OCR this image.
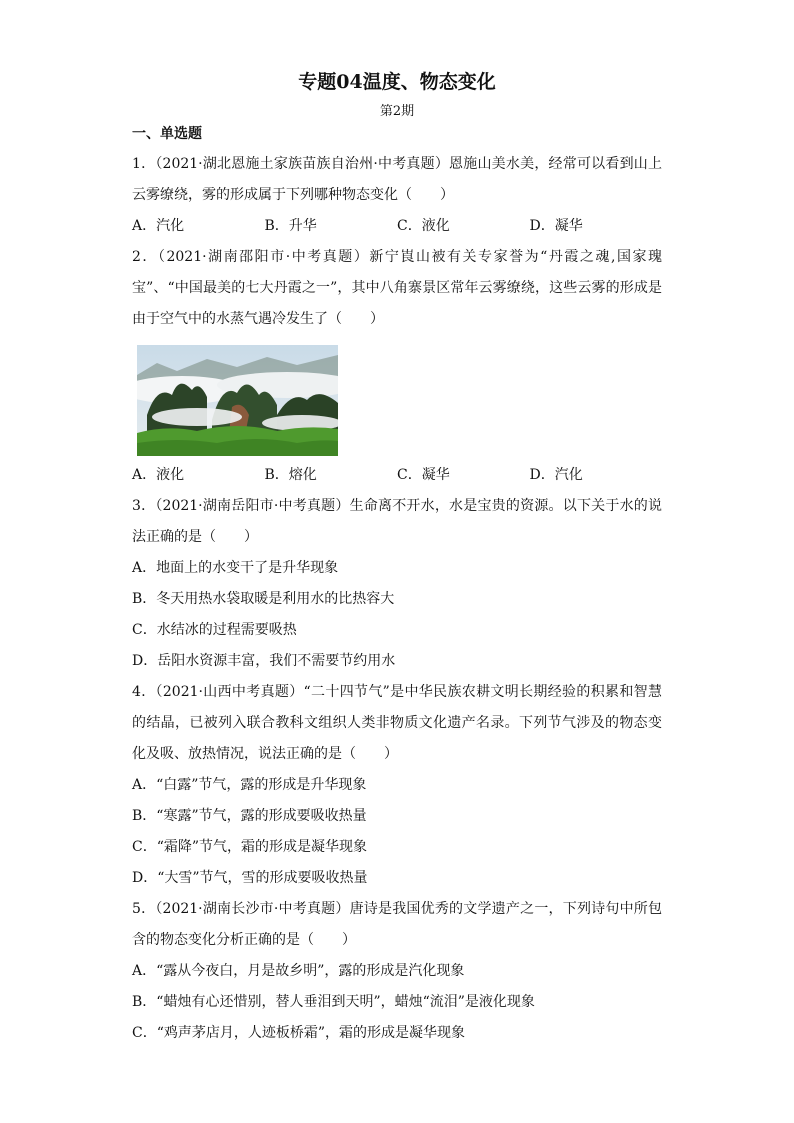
专题04温度、物态变化
第2期
一、单选题

1．（2021·湖北恩施土家族苗族自治州·中考真题）恩施山美水美，经常可以看到山上云雾缭绕，雾的形成属于下列哪种物态变化（　　）

A．汽化	B．升华	C．液化	D．凝华

2．（2021·湖南邵阳市·中考真题）新宁崀山被有关专家誉为“丹霞之魂,国家瑰宝”、“中国最美的七大丹霞之一”，其中八角寨景区常年云雾缭绕，这些云雾的形成是由于空气中的水蒸气遇冷发生了（　　）

A．液化	B．熔化	C．凝华	D．汽化

3．（2021·湖南岳阳市·中考真题）生命离不开水，水是宝贵的资源。以下关于水的说法正确的是（　　）

A．地面上的水变干了是升华现象

B．冬天用热水袋取暖是利用水的比热容大

C．水结冰的过程需要吸热

D．岳阳水资源丰富，我们不需要节约用水

4．（2021·山西中考真题）“二十四节气”是中华民族农耕文明长期经验的积累和智慧的结晶，已被列入联合教科文组织人类非物质文化遗产名录。下列节气涉及的物态变化及吸、放热情况，说法正确的是（　　）

A．“白露”节气，露的形成是升华现象

B．“寒露”节气，露的形成要吸收热量

C．“霜降”节气，霜的形成是凝华现象

D．“大雪”节气，雪的形成要吸收热量

5．（2021·湖南长沙市·中考真题）唐诗是我国优秀的文学遗产之一，下列诗句中所包含的物态变化分析正确的是（　　）

A．“露从今夜白，月是故乡明”，露的形成是汽化现象

B．“蜡烛有心还惜别，替人垂泪到天明”，蜡烛“流泪”是液化现象

C．“鸡声茅店月，人迹板桥霜”，霜的形成是凝华现象
